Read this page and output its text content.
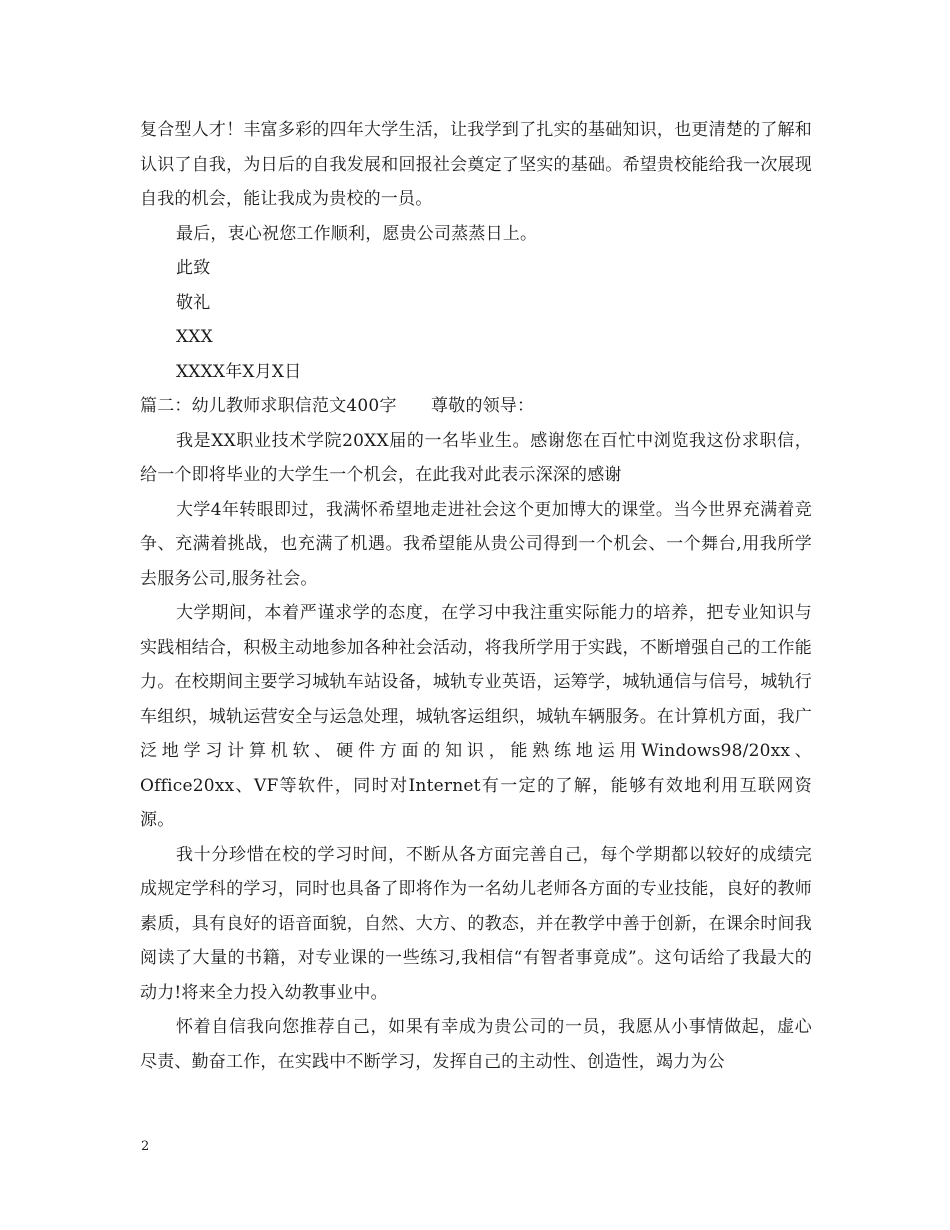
复合型人才！丰富多彩的四年大学生活，让我学到了扎实的基础知识，也更清楚的了解和认识了自我，为日后的自我发展和回报社会奠定了坚实的基础。希望贵校能给我一次展现自我的机会，能让我成为贵校的一员。

最后，衷心祝您工作顺利，愿贵公司蒸蒸日上。

此致

敬礼

XXX

XXXX年X月X日

篇二：幼儿教师求职信范文400字　　尊敬的领导：

我是XX职业技术学院20XX届的一名毕业生。感谢您在百忙中浏览我这份求职信，给一个即将毕业的大学生一个机会，在此我对此表示深深的感谢

大学4年转眼即过，我满怀希望地走进社会这个更加博大的课堂。当今世界充满着竞争、充满着挑战，也充满了机遇。我希望能从贵公司得到一个机会、一个舞台,用我所学去服务公司,服务社会。

大学期间，本着严谨求学的态度，在学习中我注重实际能力的培养，把专业知识与实践相结合，积极主动地参加各种社会活动，将我所学用于实践，不断增强自己的工作能力。在校期间主要学习城轨车站设备，城轨专业英语，运筹学，城轨通信与信号，城轨行车组织，城轨运营安全与运急处理，城轨客运组织，城轨车辆服务。在计算机方面，我广泛地学习计算机软、硬件方面的知识，能熟练地运用Windows98/20xx、Office20xx、VF等软件，同时对Internet有一定的了解，能够有效地利用互联网资源。

我十分珍惜在校的学习时间，不断从各方面完善自己，每个学期都以较好的成绩完成规定学科的学习，同时也具备了即将作为一名幼儿老师各方面的专业技能，良好的教师素质，具有良好的语音面貌，自然、大方、的教态，并在教学中善于创新，在课余时间我阅读了大量的书籍，对专业课的一些练习,我相信“有智者事竟成”。这句话给了我最大的动力!将来全力投入幼教事业中。

怀着自信我向您推荐自己，如果有幸成为贵公司的一员，我愿从小事情做起，虚心尽责、勤奋工作，在实践中不断学习，发挥自己的主动性、创造性，竭力为公

2
